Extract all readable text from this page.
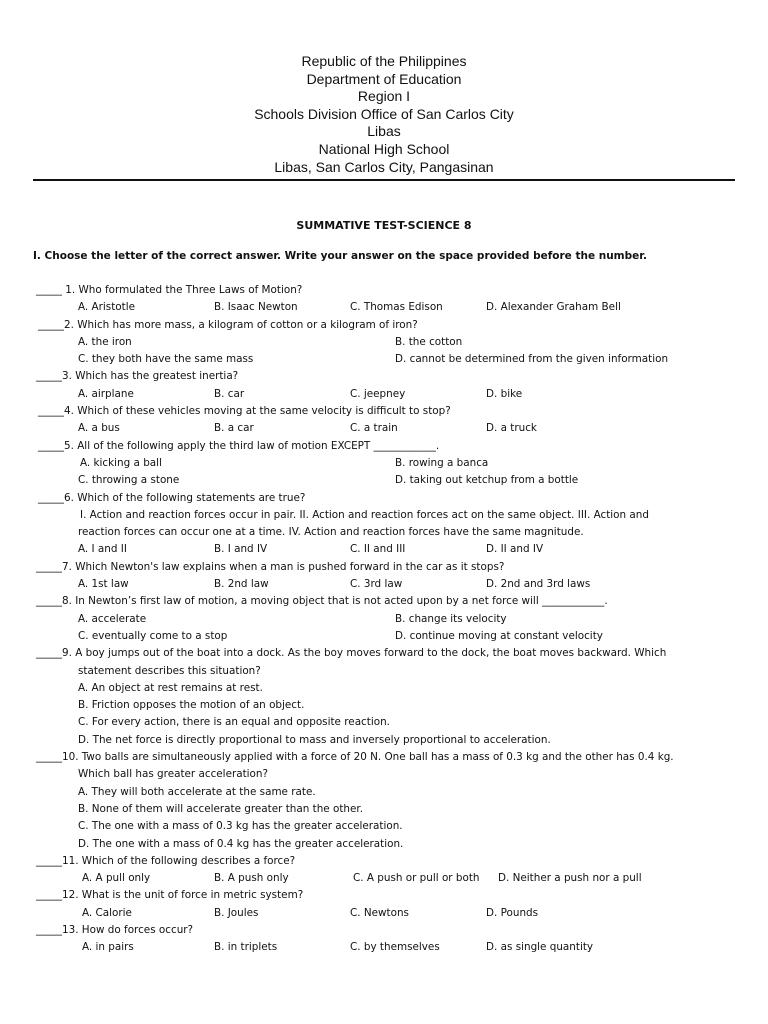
Republic of the Philippines
Department of Education
Region I
Schools Division Office of San Carlos City
Libas
National High School
Libas, San Carlos City, Pangasinan
SUMMATIVE TEST-SCIENCE 8
I. Choose the letter of the correct answer. Write your answer on the space provided before the number.
_____ 1. Who formulated the Three Laws of Motion?
A. Aristotle	B. Isaac Newton	C. Thomas Edison	D. Alexander Graham Bell
_____2. Which has more mass, a kilogram of cotton or a kilogram of iron?
A. the iron	B. the cotton
C. they both have the same mass	D. cannot be determined from the given information
_____3. Which has the greatest inertia?
A. airplane	B. car	C. jeepney	D. bike
_____4. Which of these vehicles moving at the same velocity is difficult to stop?
A. a bus	B. a car	C. a train	D. a truck
_____5. All of the following apply the third law of motion EXCEPT ____________.
A. kicking a ball	B. rowing a banca
C. throwing a stone	D. taking out ketchup from a bottle
_____6. Which of the following statements are true?
I. Action and reaction forces occur in pair. II. Action and reaction forces act on the same object. III. Action and
reaction forces can occur one at a time. IV. Action and reaction forces have the same magnitude.
A. I and II	B. I and IV	C. II and III	D. II and IV
_____7. Which Newton's law explains when a man is pushed forward in the car as it stops?
A. 1st law	B. 2nd law	C. 3rd law	D. 2nd and 3rd laws
_____8. In Newton’s first law of motion, a moving object that is not acted upon by a net force will ____________.
A. accelerate	B. change its velocity
C. eventually come to a stop	D. continue moving at constant velocity
_____9. A boy jumps out of the boat into a dock. As the boy moves forward to the dock, the boat moves backward. Which
statement describes this situation?
A. An object at rest remains at rest.
B. Friction opposes the motion of an object.
C. For every action, there is an equal and opposite reaction.
D. The net force is directly proportional to mass and inversely proportional to acceleration.
_____10. Two balls are simultaneously applied with a force of 20 N. One ball has a mass of 0.3 kg and the other has 0.4 kg.
Which ball has greater acceleration?
A. They will both accelerate at the same rate.
B. None of them will accelerate greater than the other.
C. The one with a mass of 0.3 kg has the greater acceleration.
D. The one with a mass of 0.4 kg has the greater acceleration.
_____11. Which of the following describes a force?
A. A pull only	B. A push only	C. A push or pull or both D. Neither a push nor a pull
_____12. What is the unit of force in metric system?
A. Calorie	B. Joules	C. Newtons	D. Pounds
_____13. How do forces occur?
A. in pairs	B. in triplets	C. by themselves	D. as single quantity
